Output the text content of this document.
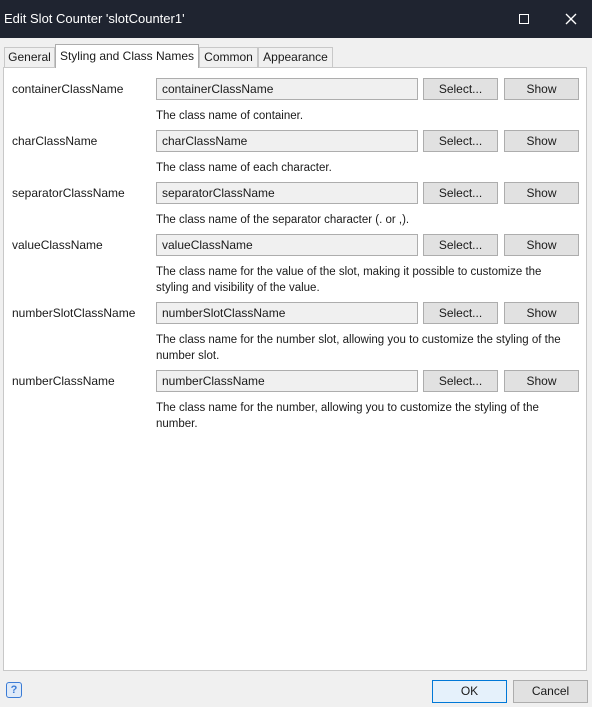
Edit Slot Counter 'slotCounter1'
General Styling and Class Names Common Appearance
containerClassName	containerClassName	Select...	Show
The class name of container.
charClassName	charClassName	Select...	Show
The class name of each character.
separatorClassName	separatorClassName	Select...	Show
The class name of the separator character (. or ,).
valueClassName	valueClassName	Select...	Show
The class name for the value of the slot, making it possible to customize the styling and visibility of the value.
numberSlotClassName	numberSlotClassName	Select...	Show
The class name for the number slot, allowing you to customize the styling of the number slot.
numberClassName	numberClassName	Select...	Show
The class name for the number, allowing you to customize the styling of the number.
?	OK	Cancel
